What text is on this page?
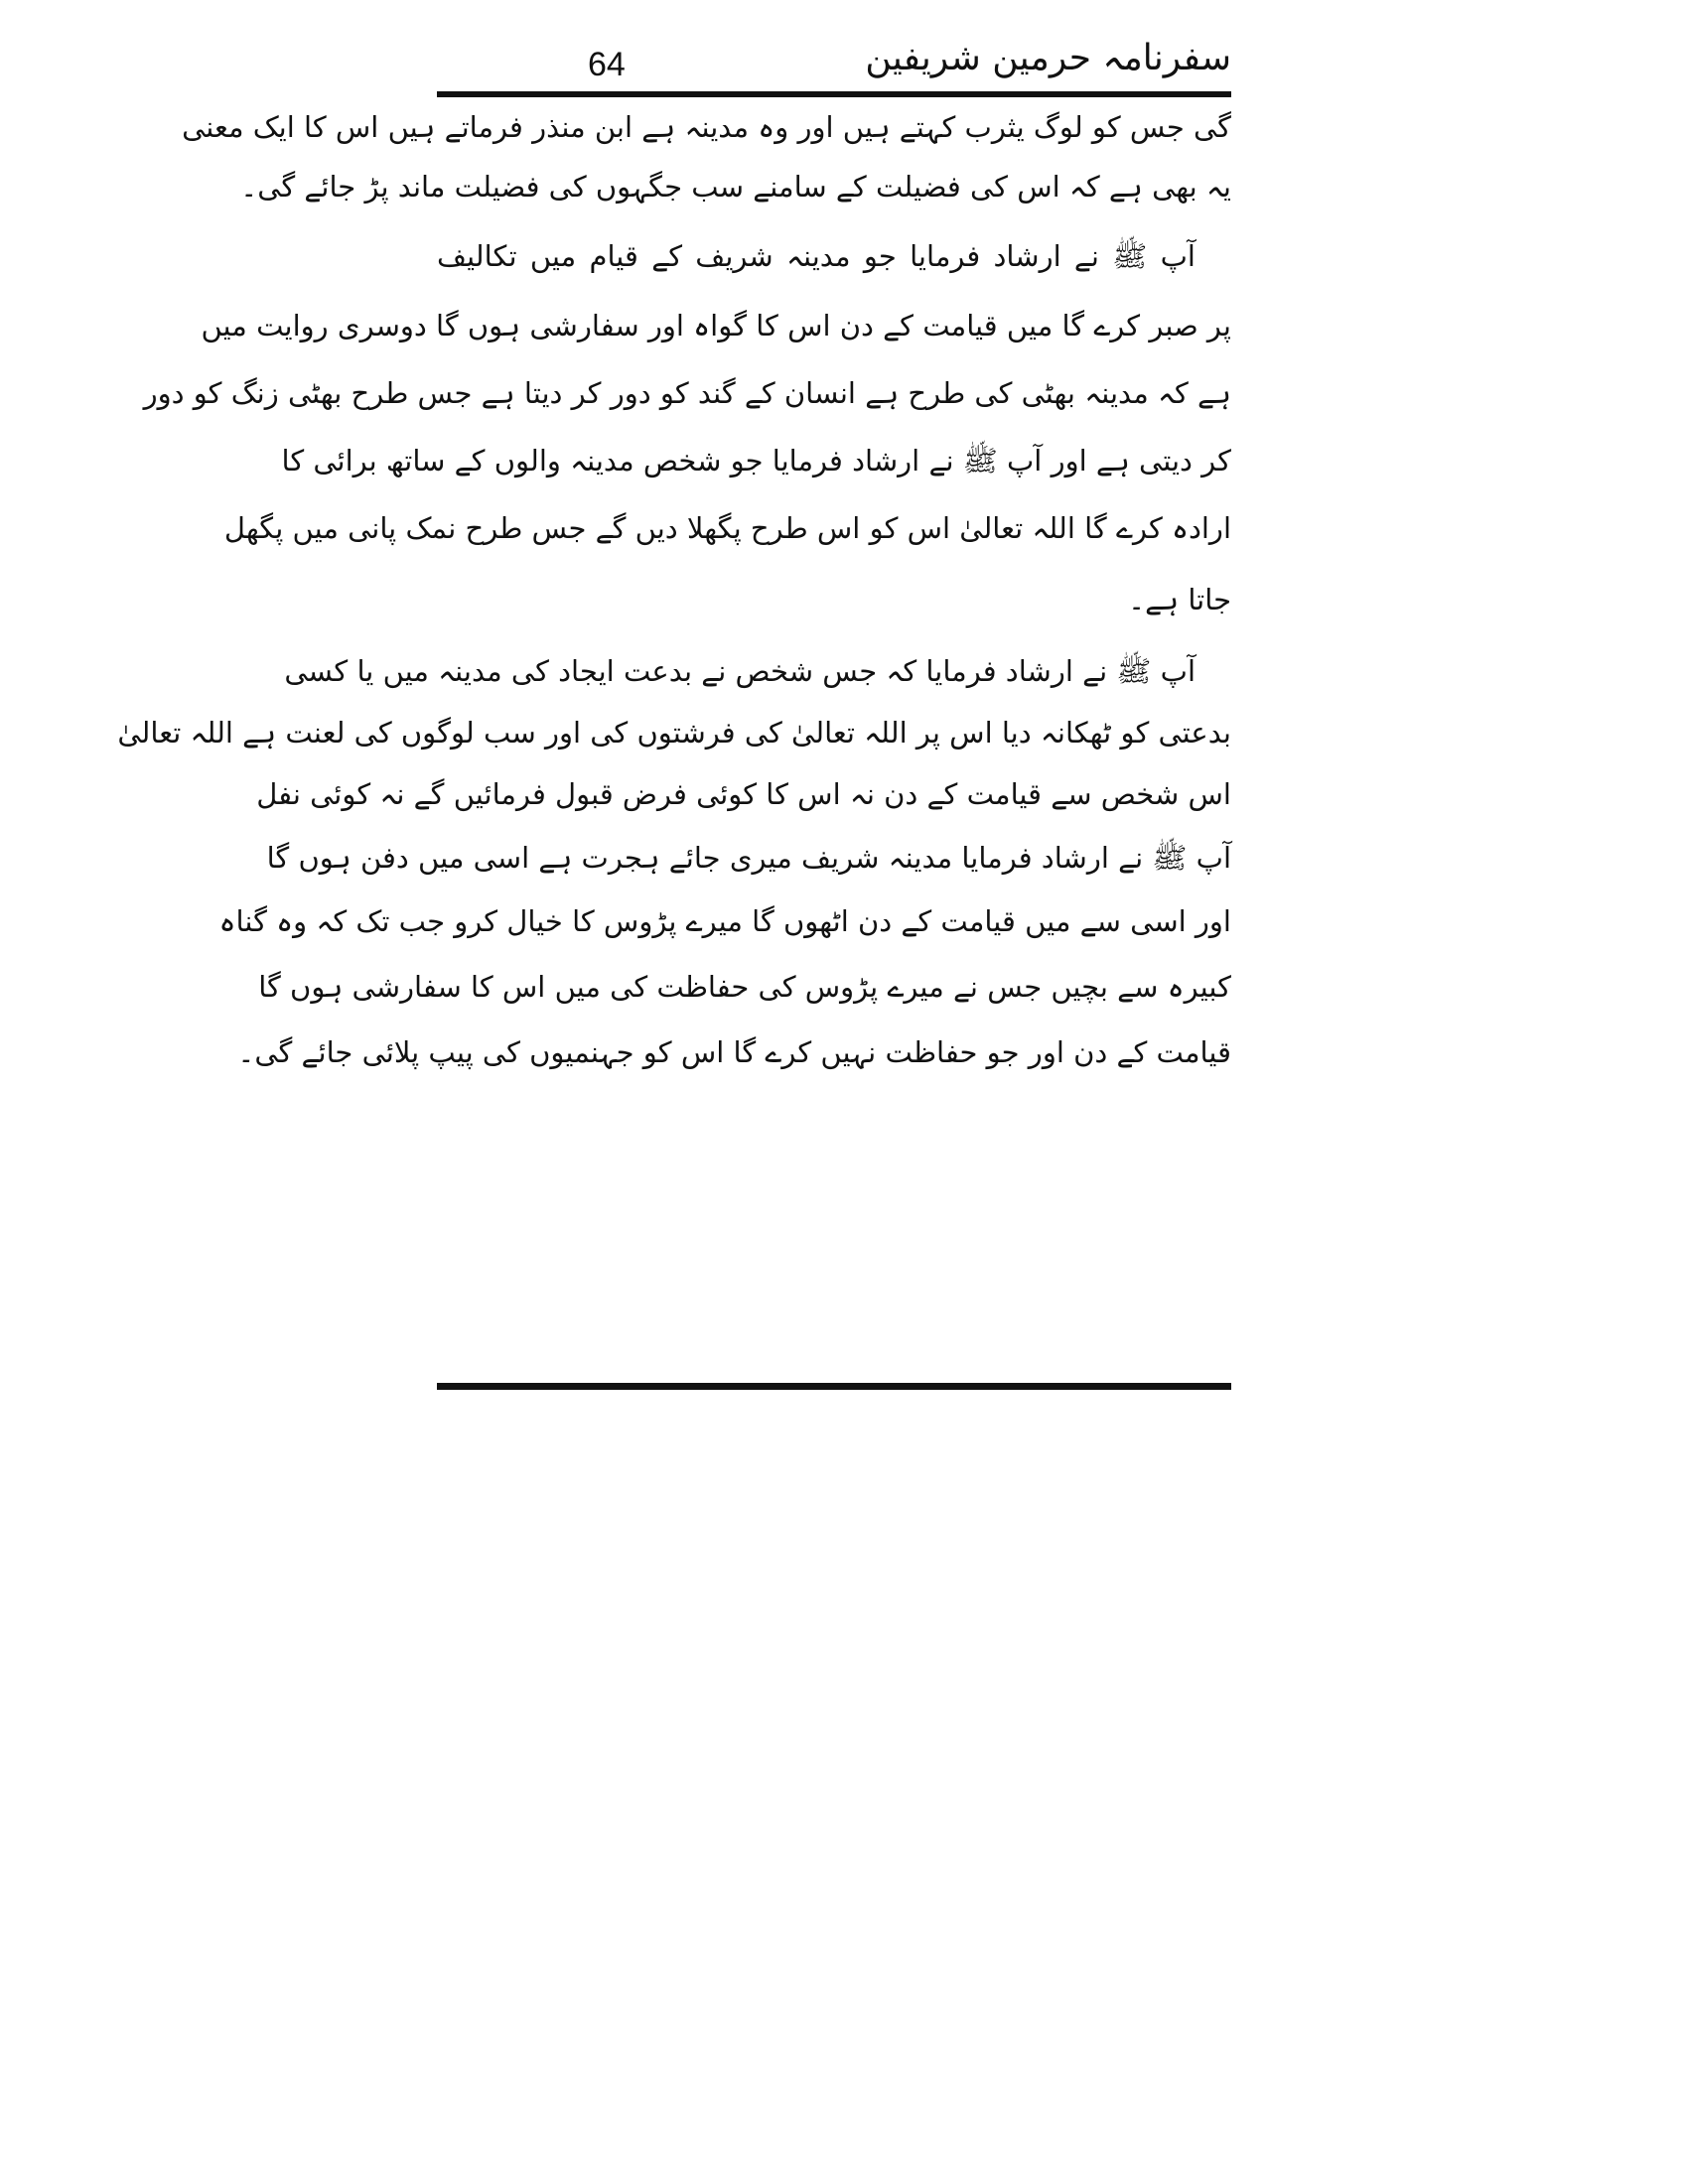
64	سفرنامہ حرمین شریفین
گی جس کو لوگ یثرب کہتے ہیں اور وہ مدینہ ہے ابن منذر فرماتے ہیں اس کا ایک معنی
یہ بھی ہے کہ اس کی فضیلت کے سامنے سب جگہوں کی فضیلت ماند پڑ جائے گی۔
آپ ﷺ نے ارشاد فرمایا جو مدینہ شریف کے قیام میں تکالیف
پر صبر کرے گا میں قیامت کے دن اس کا گواہ اور سفارشی ہوں گا دوسری روایت میں
ہے کہ مدینہ بھٹی کی طرح ہے انسان کے گند کو دور کر دیتا ہے جس طرح بھٹی زنگ کو دور
کر دیتی ہے اور آپ ﷺ نے ارشاد فرمایا جو شخص مدینہ والوں کے ساتھ برائی کا
ارادہ کرے گا اللہ تعالیٰ اس کو اس طرح پگھلا دیں گے جس طرح نمک پانی میں پگھل
جاتا ہے۔
آپ ﷺ نے ارشاد فرمایا کہ جس شخص نے بدعت ایجاد کی مدینہ میں یا کسی
بدعتی کو ٹھکانہ دیا اس پر اللہ تعالیٰ کی فرشتوں کی اور سب لوگوں کی لعنت ہے اللہ تعالیٰ
اس شخص سے قیامت کے دن نہ اس کا کوئی فرض قبول فرمائیں گے نہ کوئی نفل
آپ ﷺ نے ارشاد فرمایا مدینہ شریف میری جائے ہجرت ہے اسی میں دفن ہوں گا
اور اسی سے میں قیامت کے دن اٹھوں گا میرے پڑوس کا خیال کرو جب تک کہ وہ گناہ
کبیرہ سے بچیں جس نے میرے پڑوس کی حفاظت کی میں اس کا سفارشی ہوں گا
قیامت کے دن اور جو حفاظت نہیں کرے گا اس کو جہنمیوں کی پیپ پلائی جائے گی۔
